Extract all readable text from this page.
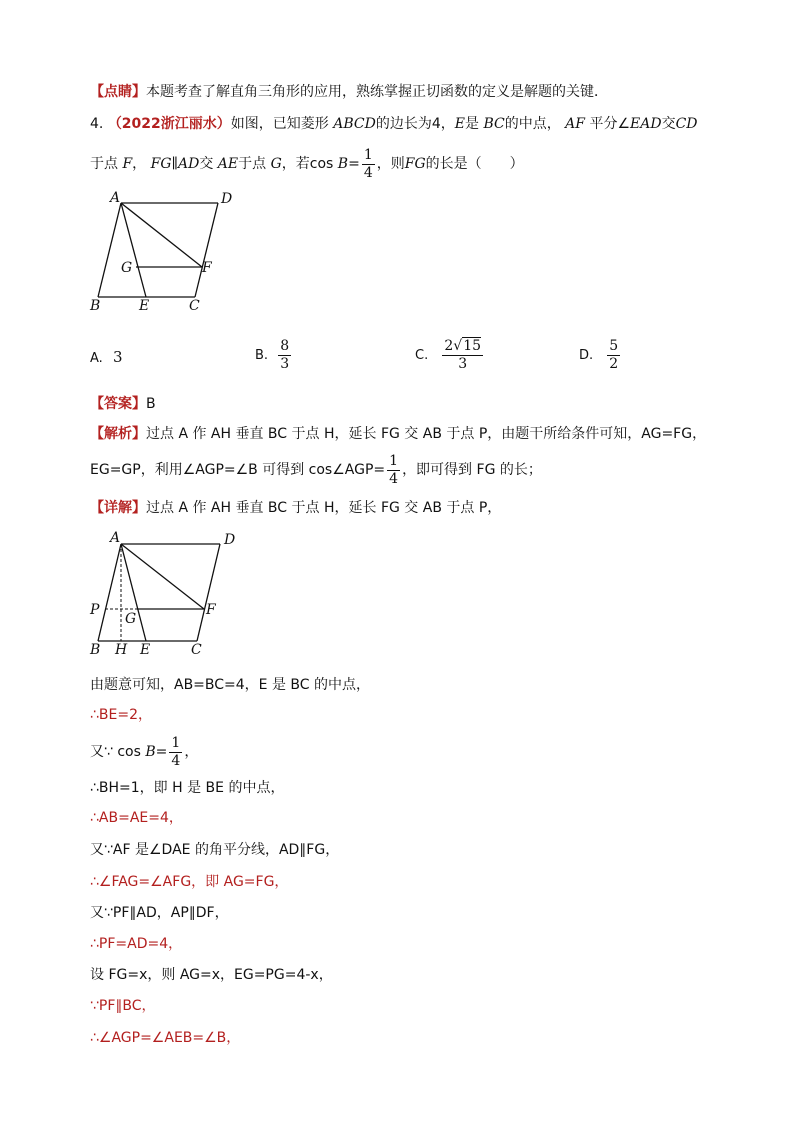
【点睛】本题考查了解直角三角形的应用，熟练掌握正切函数的定义是解题的关键．
4. （2022浙江丽水）如图，已知菱形 ABCD的边长为4，E是 BC的中点， AF 平分∠EAD交CD
于点 F， FG∥AD交 AE于点 G，若$\cos B= \frac{1}{4}$ ，则FG的长是（　　）
A	D
G	F
B	E	C
A. 3	B. $\frac{8}{3}$	C. $\frac{2√15}{3}$	D. $\frac{5}{2}$
【答案】B
【解析】过点 A 作 AH 垂直 BC 于点 H，延长 FG 交 AB 于点 P，由题干所给条件可知，AG=FG，
EG=GP，利用∠AGP=∠B 可得到 cos∠AGP= $\frac{1}{4}$ ，即可得到 FG 的长；
【详解】过点 A 作 AH 垂直 BC 于点 H，延长 FG 交 AB 于点 P，
A	D
P
G
F
B H E	C
由题意可知，AB=BC=4，E 是 BC 的中点，
∴BE=2，
又∵ $\cos B= \frac{1}{4}$ ，
∴BH=1，即 H 是 BE 的中点，
∴AB=AE=4，
又∵AF 是∠DAE 的角平分线，AD∥FG，
∴∠FAG=∠AFG，即 AG=FG，
又∵PF∥AD，AP∥DF，
∴PF=AD=4，
设 FG=x，则 AG=x，EG=PG=4-x，
∵PF∥BC，
∴∠AGP=∠AEB=∠B，
